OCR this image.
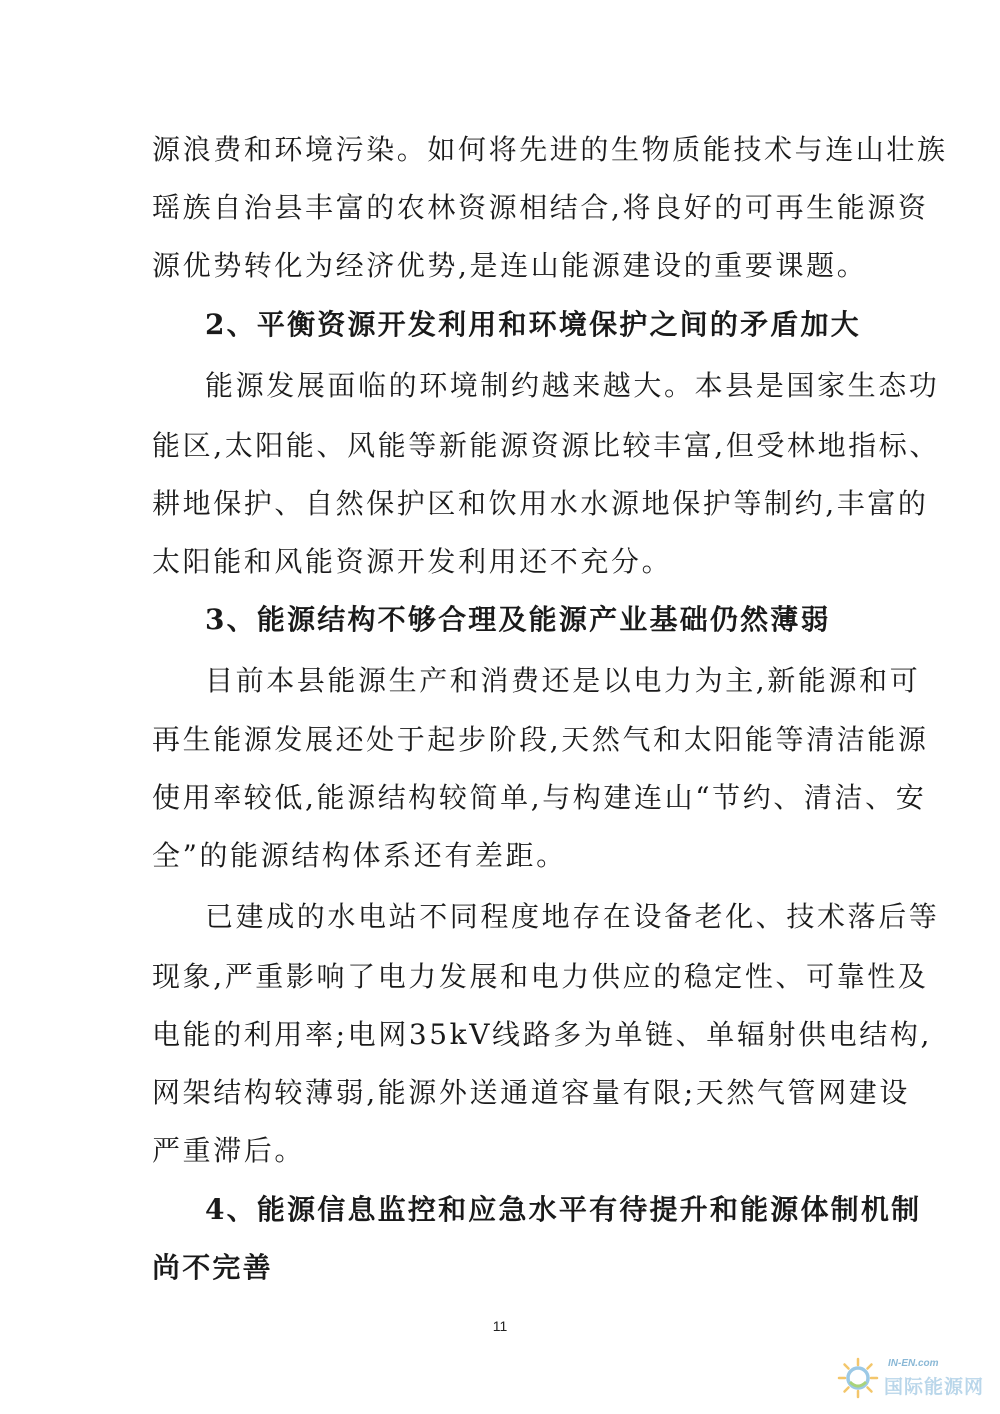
源浪费和环境污染。如何将先进的生物质能技术与连山壮族
瑶族自治县丰富的农林资源相结合,将良好的可再生能源资
源优势转化为经济优势,是连山能源建设的重要课题。
2、平衡资源开发利用和环境保护之间的矛盾加大
能源发展面临的环境制约越来越大。本县是国家生态功
能区,太阳能、风能等新能源资源比较丰富,但受林地指标、
耕地保护、自然保护区和饮用水水源地保护等制约,丰富的
太阳能和风能资源开发利用还不充分。
3、能源结构不够合理及能源产业基础仍然薄弱
目前本县能源生产和消费还是以电力为主,新能源和可
再生能源发展还处于起步阶段,天然气和太阳能等清洁能源
使用率较低,能源结构较简单,与构建连山“节约、清洁、安
全”的能源结构体系还有差距。
已建成的水电站不同程度地存在设备老化、技术落后等
现象,严重影响了电力发展和电力供应的稳定性、可靠性及
电能的利用率;电网35kV线路多为单链、单辐射供电结构,
网架结构较薄弱,能源外送通道容量有限;天然气管网建设
严重滞后。
4、能源信息监控和应急水平有待提升和能源体制机制
尚不完善
11
IN-EN.com
国际能源网
